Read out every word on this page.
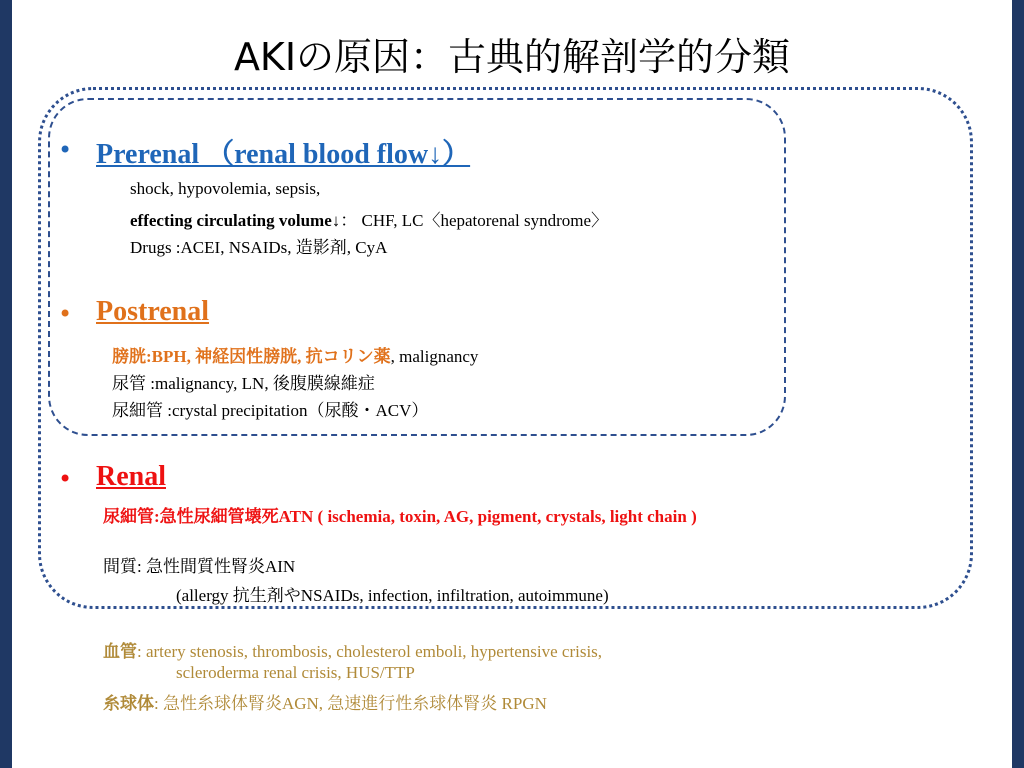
AKIの原因：古典的解剖学的分類
• Prerenal （renal blood flow↓）
shock, hypovolemia, sepsis,
effecting circulating volume↓： CHF, LC〈hepatorenal syndrome〉
Drugs :ACEI, NSAIDs, 造影剤, CyA
• Postrenal
膀胱:BPH, 神経因性膀胱, 抗コリン薬, malignancy
尿管 :malignancy, LN, 後腹膜線維症
尿細管 :crystal precipitation（尿酸・ACV）
• Renal
尿細管:急性尿細管壊死ATN ( ischemia, toxin, AG, pigment, crystals, light chain )
間質: 急性間質性腎炎AIN
(allergy 抗生剤やNSAIDs, infection, infiltration, autoimmune)
血管: artery stenosis, thrombosis, cholesterol emboli, hypertensive crisis,
scleroderma renal crisis, HUS/TTP
糸球体: 急性糸球体腎炎AGN, 急速進行性糸球体腎炎 RPGN
